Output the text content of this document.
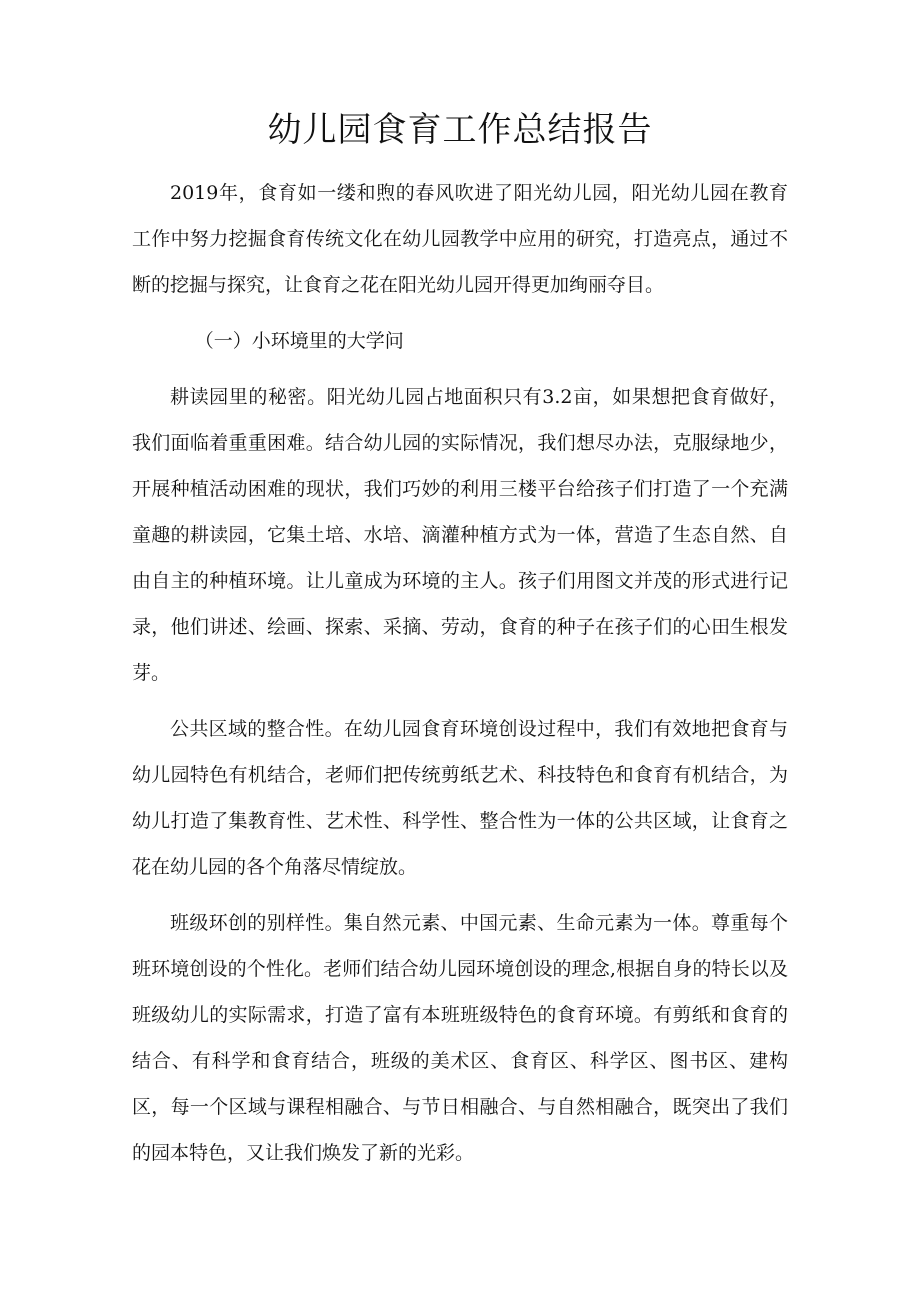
幼儿园食育工作总结报告

2019年，食育如一缕和煦的春风吹进了阳光幼儿园，阳光幼儿园在教育工作中努力挖掘食育传统文化在幼儿园教学中应用的研究，打造亮点，通过不断的挖掘与探究，让食育之花在阳光幼儿园开得更加绚丽夺目。

（一）小环境里的大学问

耕读园里的秘密。阳光幼儿园占地面积只有3.2亩，如果想把食育做好，我们面临着重重困难。结合幼儿园的实际情况，我们想尽办法，克服绿地少，开展种植活动困难的现状，我们巧妙的利用三楼平台给孩子们打造了一个充满童趣的耕读园，它集土培、水培、滴灌种植方式为一体，营造了生态自然、自由自主的种植环境。让儿童成为环境的主人。孩子们用图文并茂的形式进行记录，他们讲述、绘画、探索、采摘、劳动，食育的种子在孩子们的心田生根发芽。

公共区域的整合性。在幼儿园食育环境创设过程中，我们有效地把食育与幼儿园特色有机结合，老师们把传统剪纸艺术、科技特色和食育有机结合，为幼儿打造了集教育性、艺术性、科学性、整合性为一体的公共区域，让食育之花在幼儿园的各个角落尽情绽放。

班级环创的别样性。集自然元素、中国元素、生命元素为一体。尊重每个班环境创设的个性化。老师们结合幼儿园环境创设的理念,根据自身的特长以及班级幼儿的实际需求，打造了富有本班班级特色的食育环境。有剪纸和食育的结合、有科学和食育结合，班级的美术区、食育区、科学区、图书区、建构区，每一个区域与课程相融合、与节日相融合、与自然相融合，既突出了我们的园本特色，又让我们焕发了新的光彩。
